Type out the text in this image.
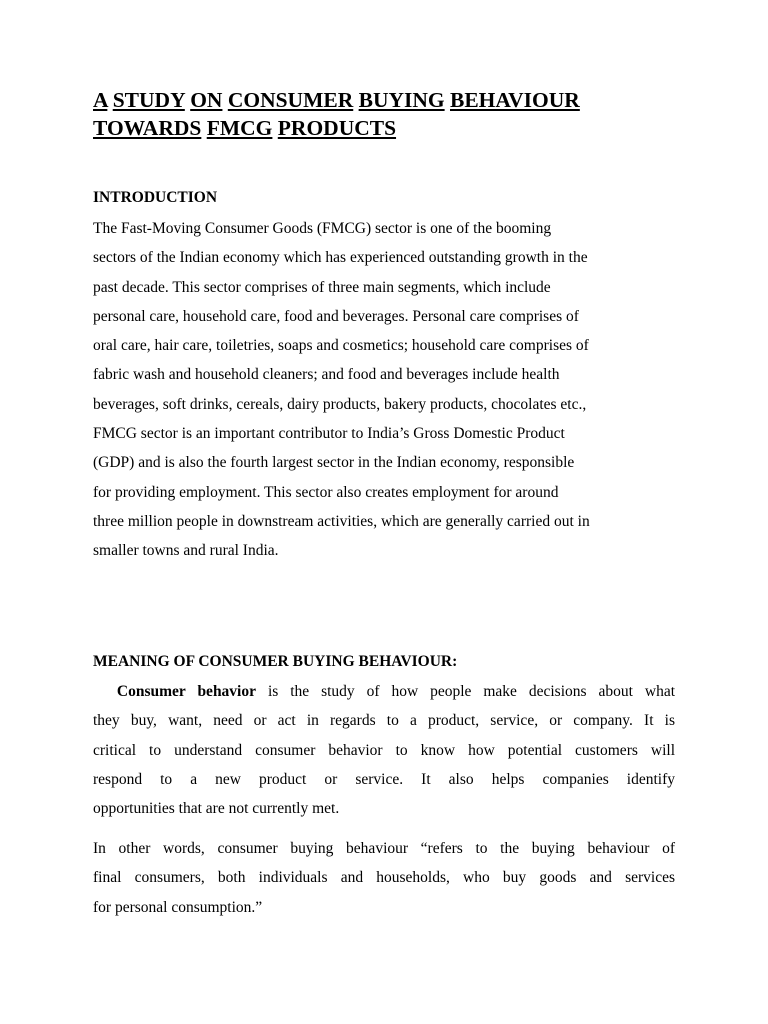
A STUDY ON CONSUMER BUYING BEHAVIOUR
TOWARDS FMCG PRODUCTS
INTRODUCTION
The Fast-Moving Consumer Goods (FMCG) sector is one of the booming
sectors of the Indian economy which has experienced outstanding growth in the
past decade. This sector comprises of three main segments, which include
personal care, household care, food and beverages. Personal care comprises of
oral care, hair care, toiletries, soaps and cosmetics; household care comprises of
fabric wash and household cleaners; and food and beverages include health
beverages, soft drinks, cereals, dairy products, bakery products, chocolates etc.,
FMCG sector is an important contributor to India’s Gross Domestic Product
(GDP) and is also the fourth largest sector in the Indian economy, responsible
for providing employment. This sector also creates employment for around
three million people in downstream activities, which are generally carried out in
smaller towns and rural India.
MEANING OF CONSUMER BUYING BEHAVIOUR:
Consumer behavior is the study of how people make decisions about what
they buy, want, need or act in regards to a product, service, or company. It is
critical to understand consumer behavior to know how potential customers will
respond to a new product or service. It also helps companies identify
opportunities that are not currently met.
In other words, consumer buying behaviour “refers to the buying behaviour of
final consumers, both individuals and households, who buy goods and services
for personal consumption.”
